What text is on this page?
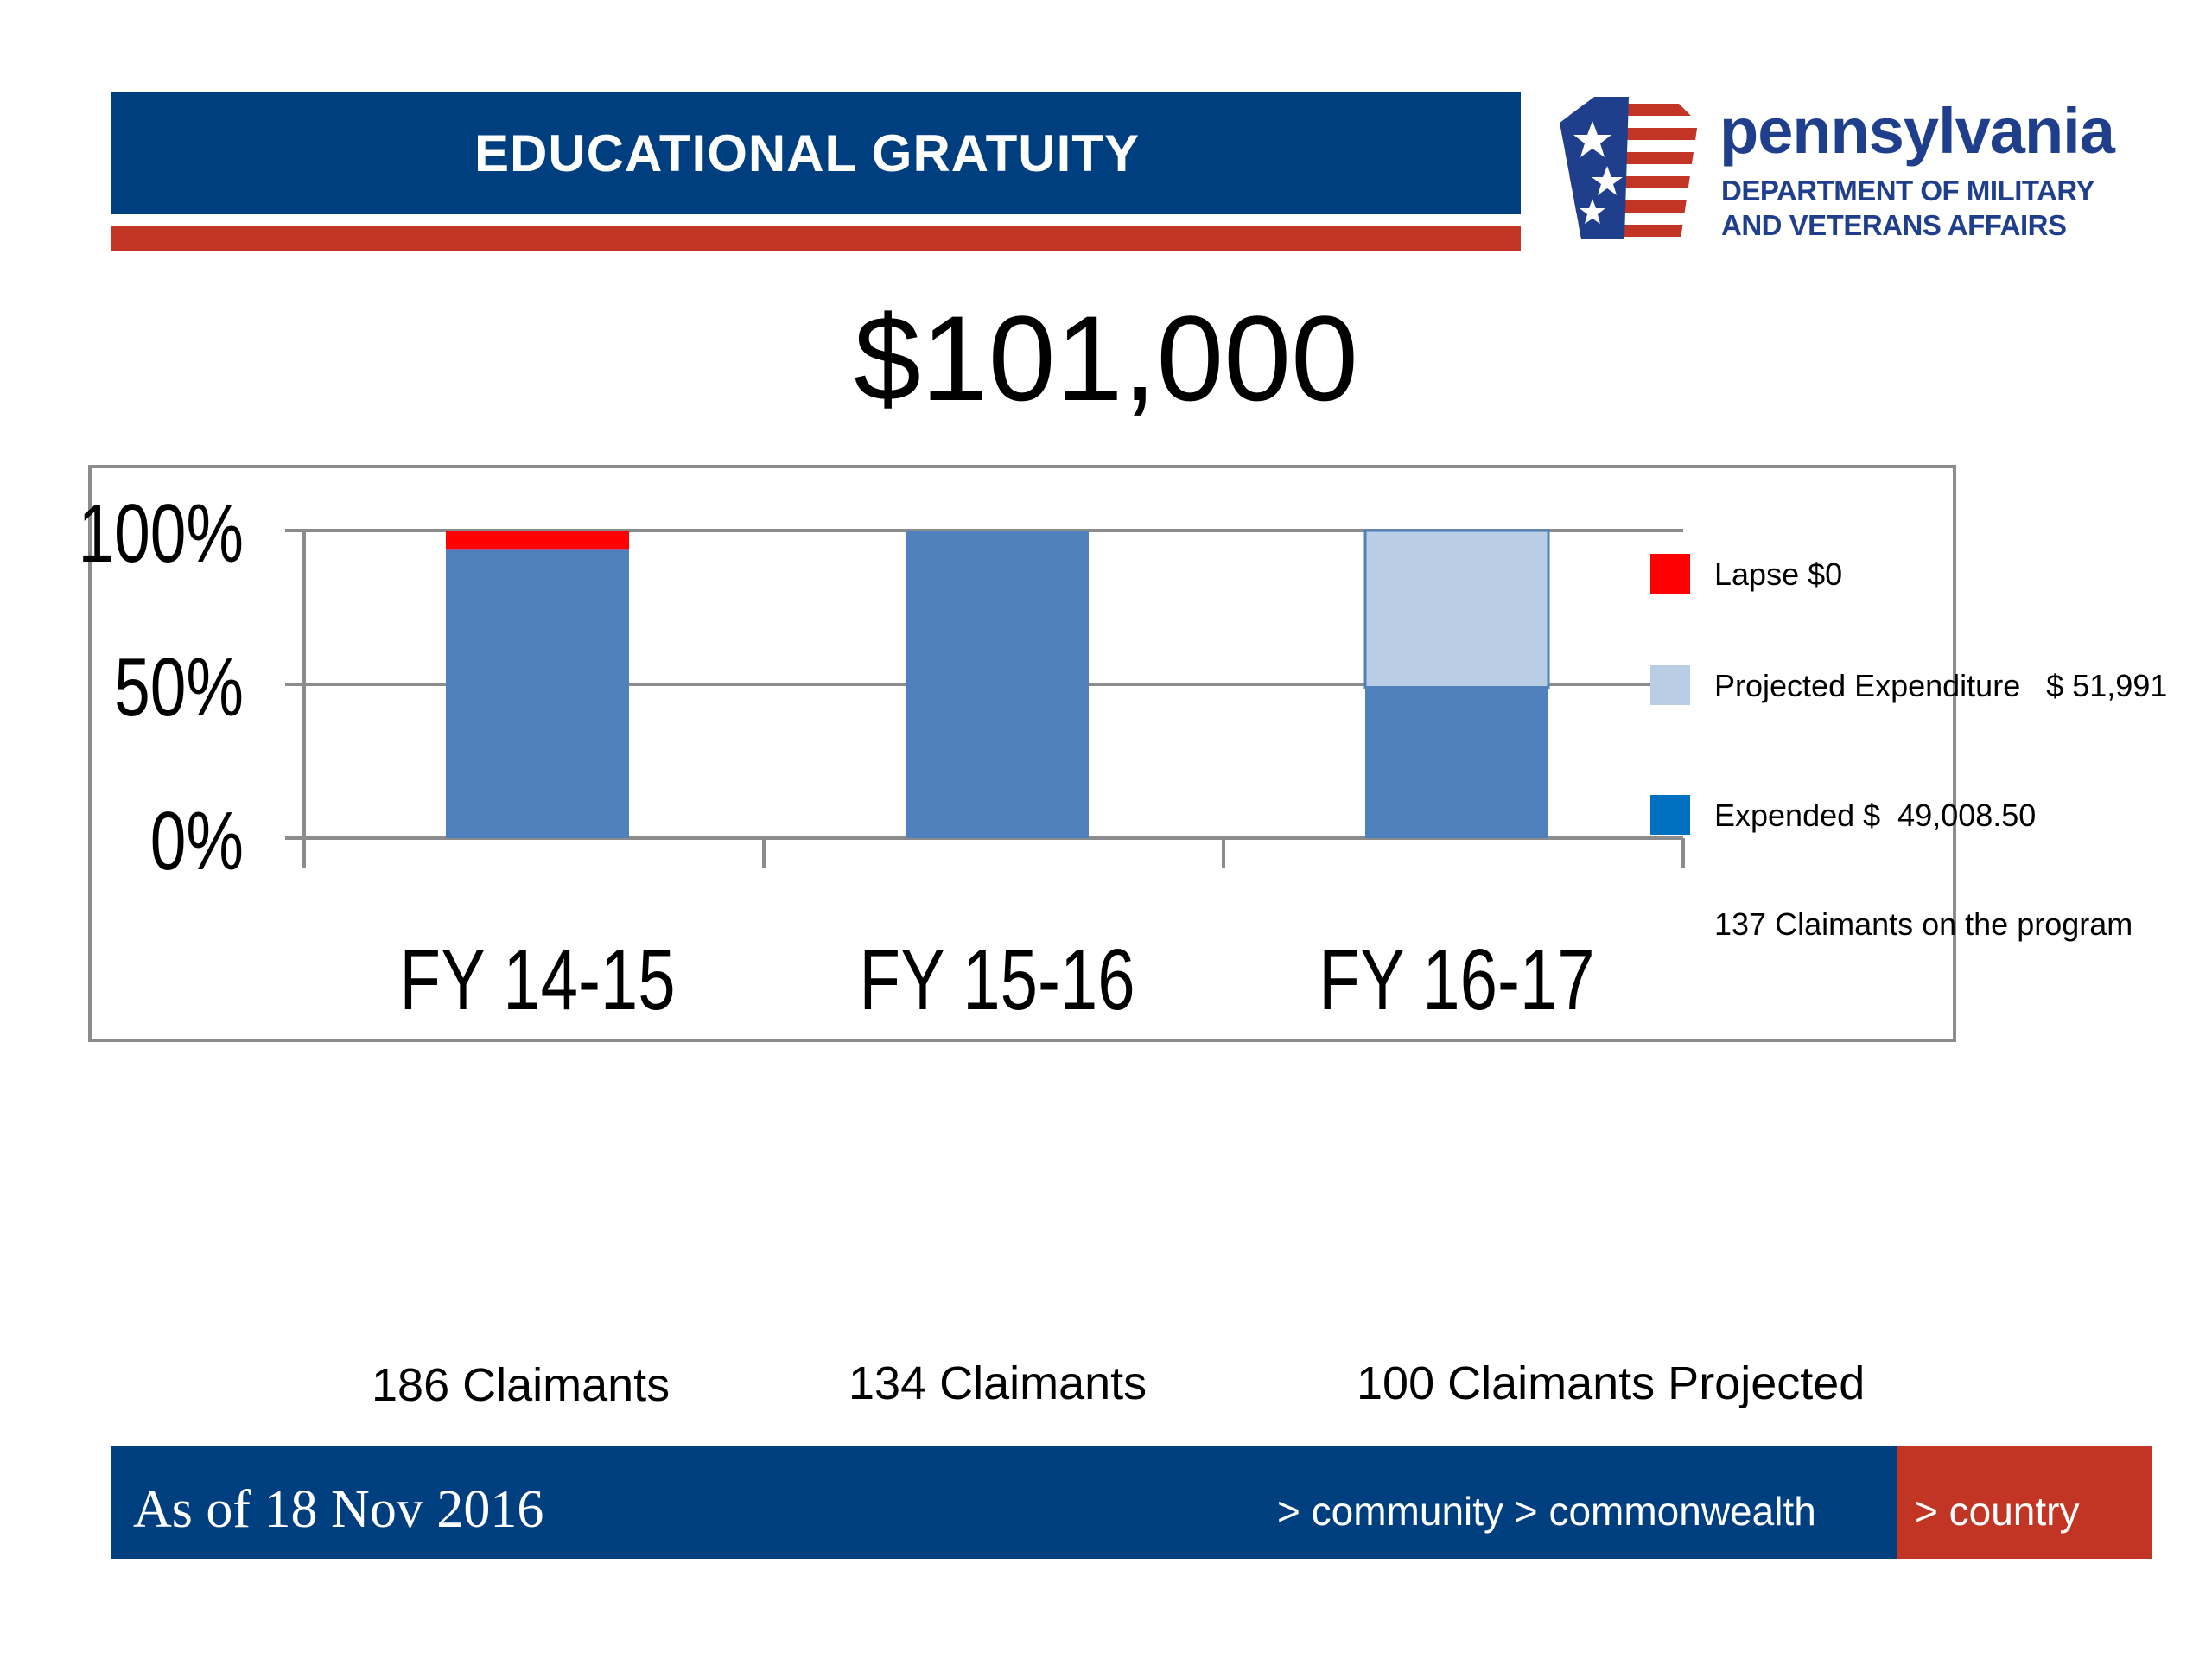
EDUCATIONAL GRATUITY	pennsylvania
DEPARTMENT OF MILITARY
AND VETERANS AFFAIRS
$101,000
100%
50%
0%
FY 14-15 FY 15-16 FY 16-17
Lapse $0
Projected Expenditure   $ 51,991
Expended $  49,008.50
137 Claimants on the program
186 Claimants	134 Claimants	100 Claimants Projected
As of 18 Nov 2016	> community > commonwealth > country
